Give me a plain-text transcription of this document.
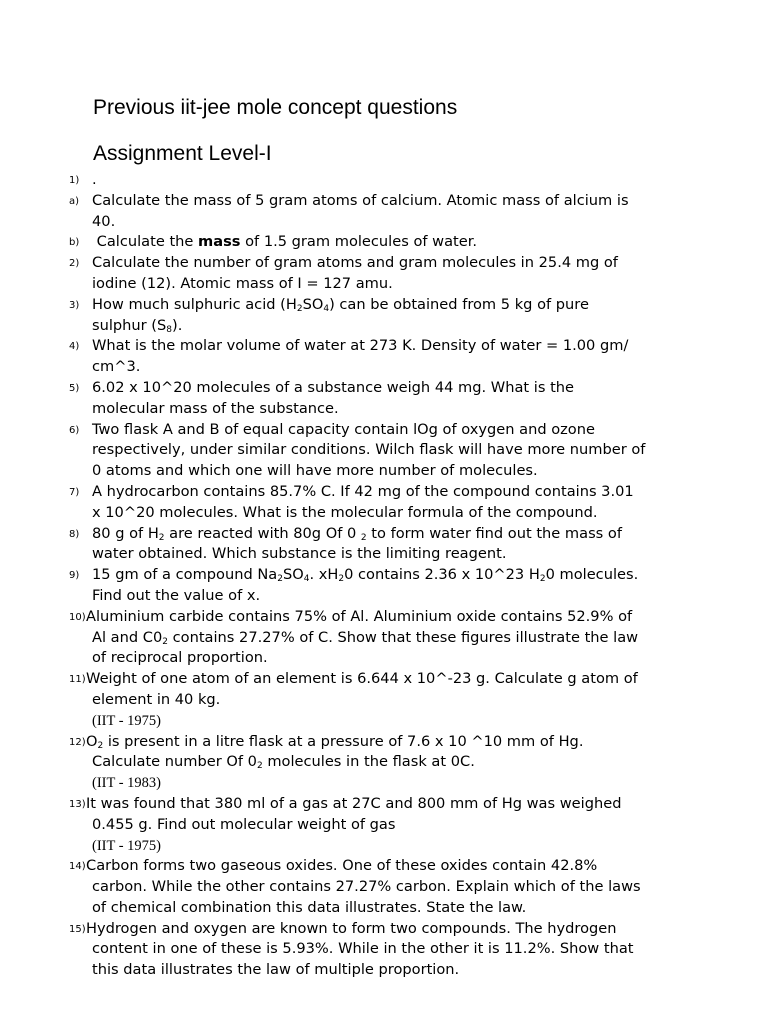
Previous iit-jee mole concept questions
Assignment Level-I
1) .
a) Calculate the mass of 5 gram atoms of calcium. Atomic mass of alcium is
40.
b)	Calculate the mass of 1.5 gram molecules of water.
2) Calculate the number of gram atoms and gram molecules in 25.4 mg of
iodine (12). Atomic mass of I = 127 amu.
3) How much sulphuric acid $(H_2SO_4)$ can be obtained from 5 kg of pure
sulphur $(S_8)$.
4) What is the molar volume of water at 273 K. Density of water = 1.00 gm/
cm^3.
5) 6.02 x 10^20 molecules of a substance weigh 44 mg. What is the
molecular mass of the substance.
6) Two flask A and B of equal capacity contain lOg of oxygen and ozone
respectively, under similar conditions. Wilch flask will have more number of
0 atoms and which one will have more number of molecules.
7) A hydrocarbon contains 85.7% C. If 42 mg of the compound contains 3.01
x 10^20 molecules. What is the molecular formula of the compound.
8) 80 g of $H_2$ are reacted with 80g Of 0 $_2$ to form water find out the mass of
water obtained. Which substance is the limiting reagent.
9) 15 gm of a compound $Na_2SO_4$. $xH_20$ contains 2.36 x 10^23 $H_20$ molecules.
Find out the value of x.
10) Aluminium carbide contains 75% of Al. Aluminium oxide contains 52.9% of
Al and $C0_2$ contains 27.27% of C. Show that these figures illustrate the law
of reciprocal proportion.
11) Weight of one atom of an element is 6.644 x 10^-23 g. Calculate g atom of
element in 40 kg.
(IIT - 1975)
12) $O_2$ is present in a litre flask at a pressure of 7.6 x 10 ^10 mm of Hg.
Calculate number Of $0_2$ molecules in the flask at 0C.
(IIT - 1983)
13) It was found that 380 ml of a gas at 27C and 800 mm of Hg was weighed
0.455 g. Find out molecular weight of gas
(IIT - 1975)
14) Carbon forms two gaseous oxides. One of these oxides contain 42.8%
carbon. While the other contains 27.27% carbon. Explain which of the laws
of chemical combination this data illustrates. State the law.
15) Hydrogen and oxygen are known to form two compounds. The hydrogen
content in one of these is 5.93%. While in the other it is 11.2%. Show that
this data illustrates the law of multiple proportion.
